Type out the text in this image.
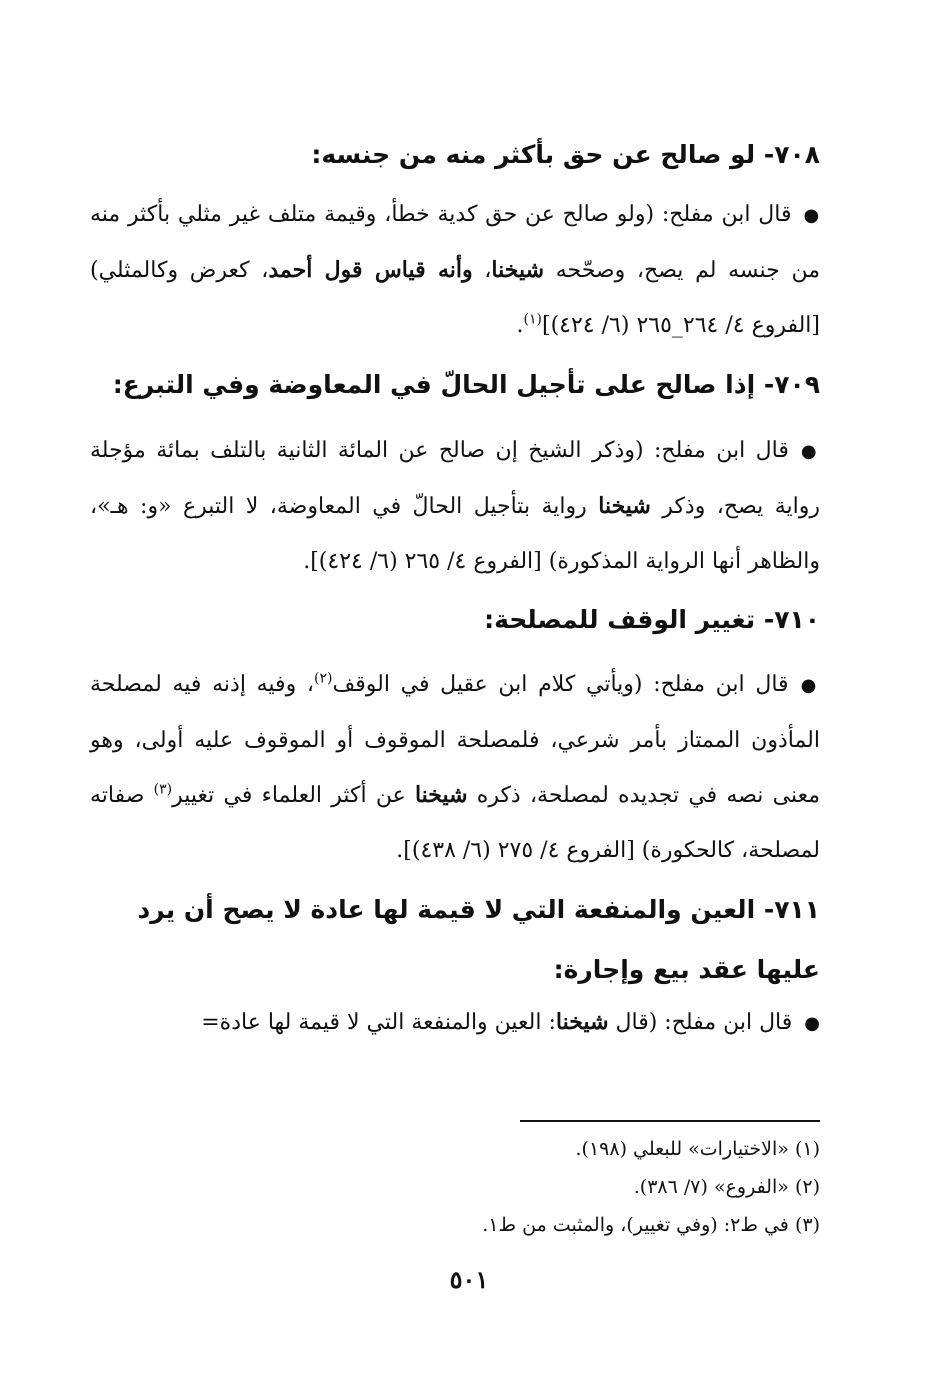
٧٠٨- لو صالح عن حق بأكثر منه من جنسه:
●قال ابن مفلح: (ولو صالح عن حق كدية خطأ، وقيمة متلف غير مثلي بأكثر منه من جنسه لم يصح، وصحّحه شيخنا، وأنه قياس قول أحمد، كعرض وكالمثلي) [الفروع ٤/ ٢٦٤_٢٦٥ (٦/ ٤٢٤)]$^{(١)}$.
٧٠٩- إذا صالح على تأجيل الحالّ في المعاوضة وفي التبرع:
●قال ابن مفلح: (وذكر الشيخ إن صالح عن المائة الثانية بالتلف بمائة مؤجلة رواية يصح، وذكر شيخنا رواية بتأجيل الحالّ في المعاوضة، لا التبرع «و: هـ»، والظاهر أنها الرواية المذكورة) [الفروع ٤/ ٢٦٥ (٦/ ٤٢٤)].
٧١٠- تغيير الوقف للمصلحة:
●قال ابن مفلح: (ويأتي كلام ابن عقيل في الوقف$^{(٢)}$، وفيه إذنه فيه لمصلحة المأذون الممتاز بأمر شرعي، فلمصلحة الموقوف أو الموقوف عليه أولى، وهو معنى نصه في تجديده لمصلحة، ذكره شيخنا عن أكثر العلماء في تغيير$^{(٣)}$ صفاته لمصلحة، كالحكورة) [الفروع ٤/ ٢٧٥ (٦/ ٤٣٨)].
٧١١- العين والمنفعة التي لا قيمة لها عادة لا يصح أن يرد عليها عقد بيع وإجارة:
●قال ابن مفلح: (قال شيخنا: العين والمنفعة التي لا قيمة لها عادة=
(١) «الاختيارات» للبعلي (١٩٨).
(٢) «الفروع» (٧/ ٣٨٦).
(٣) في ط٢: (وفي تغيير)، والمثبت من ط١.
٥٠١
